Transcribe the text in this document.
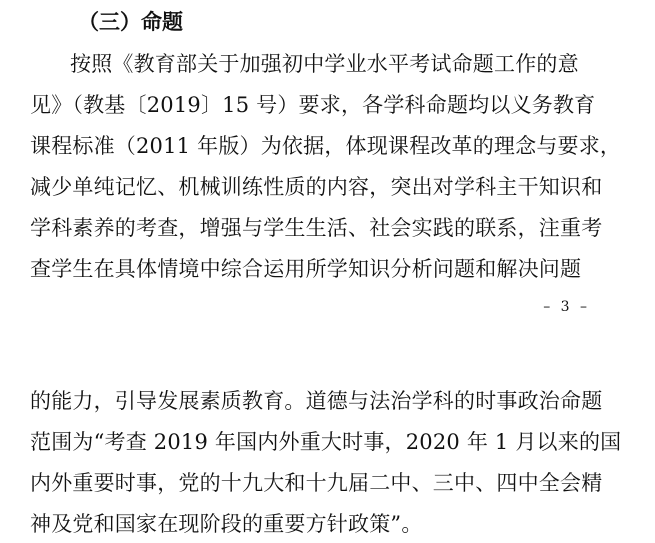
（三）命题
按照《教育部关于加强初中学业水平考试命题工作的意
见》（教基〔2019〕15 号）要求，各学科命题均以义务教育
课程标准（2011 年版）为依据，体现课程改革的理念与要求，
减少单纯记忆、机械训练性质的内容，突出对学科主干知识和
学科素养的考查，增强与学生生活、社会实践的联系，注重考
查学生在具体情境中综合运用所学知识分析问题和解决问题
– 3 –
的能力，引导发展素质教育。道德与法治学科的时事政治命题
范围为“考查 2019 年国内外重大时事，2020 年 1 月以来的国
内外重要时事，党的十九大和十九届二中、三中、四中全会精
神及党和国家在现阶段的重要方针政策”。
